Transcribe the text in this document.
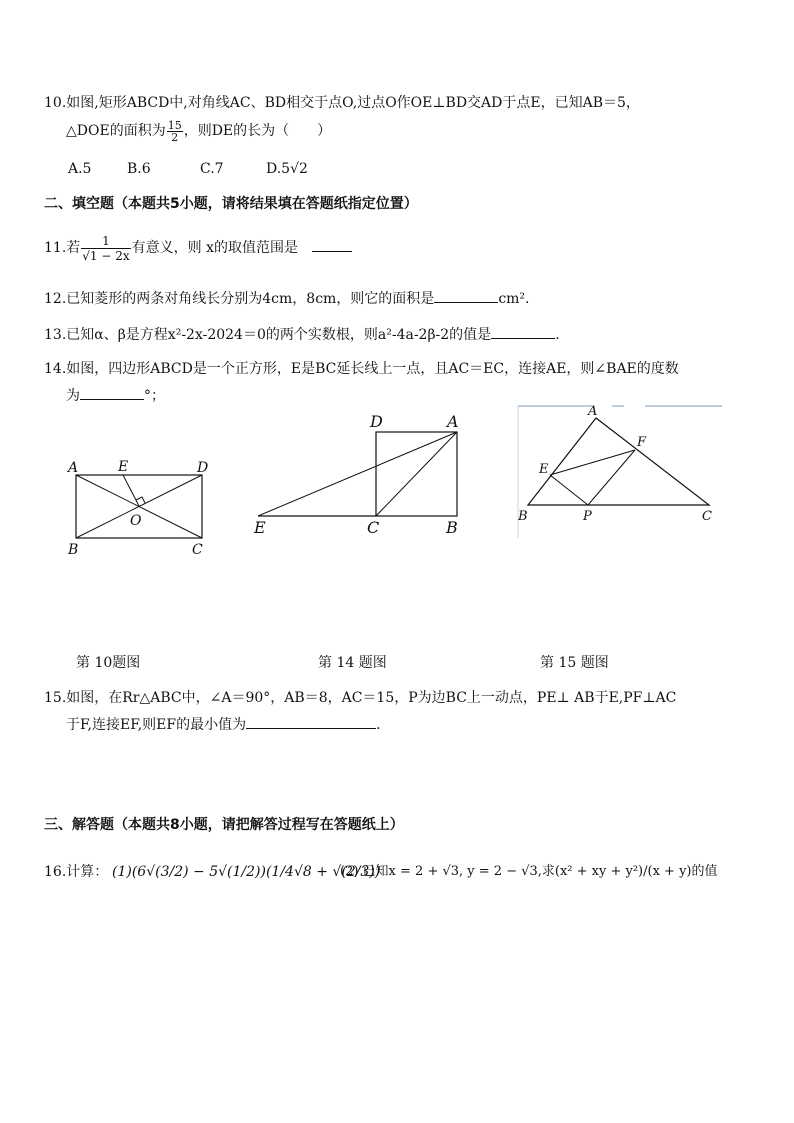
10.如图,矩形ABCD中,对角线AC、BD相交于点O,过点O作OE⊥BD交AD于点E，已知AB＝5，
△DOE的面积为 $\frac{15}{2}$ ，则DE的长为（　　）
A.5	B.6	C.7	D.5√2
二、填空题（本题共5小题，请将结果填在答题纸指定位置）
11.若 $\frac{1}{√1 - 2x}$ 有意义，则 x的取值范围是
12.已知菱形的两条对角线长分别为4cm，8cm，则它的面积是	cm².
13.已知α、β是方程x²-2x-2024＝0的两个实数根，则a²-4a-2β-2的值是	.
14.如图，四边形ABCD是一个正方形，E是BC延长线上一点，且AC＝EC，连接AE，则∠BAE的度数
为	°；
A	E	D
O
B	C
D	A
E	C	B
A
F
E
B	P	C
第 10题图	第 14 题图	第 15 题图
15.如图，在Rr△ABC中，∠A＝90°，AB＝8，AC＝15，P为边BC上一动点，PE⊥ AB于E,PF⊥AC
于F,连接EF,则EF的最小值为	.
三、解答题（本题共8小题，请把解答过程写在答题纸上）
16.计算： (1)(6√(3/2) − 5√(1/2))(1/4√8 + √(2/3))
(2) 已知x = 2 + √3, y = 2 − √3,求(x² + xy + y²)/(x + y)的值
